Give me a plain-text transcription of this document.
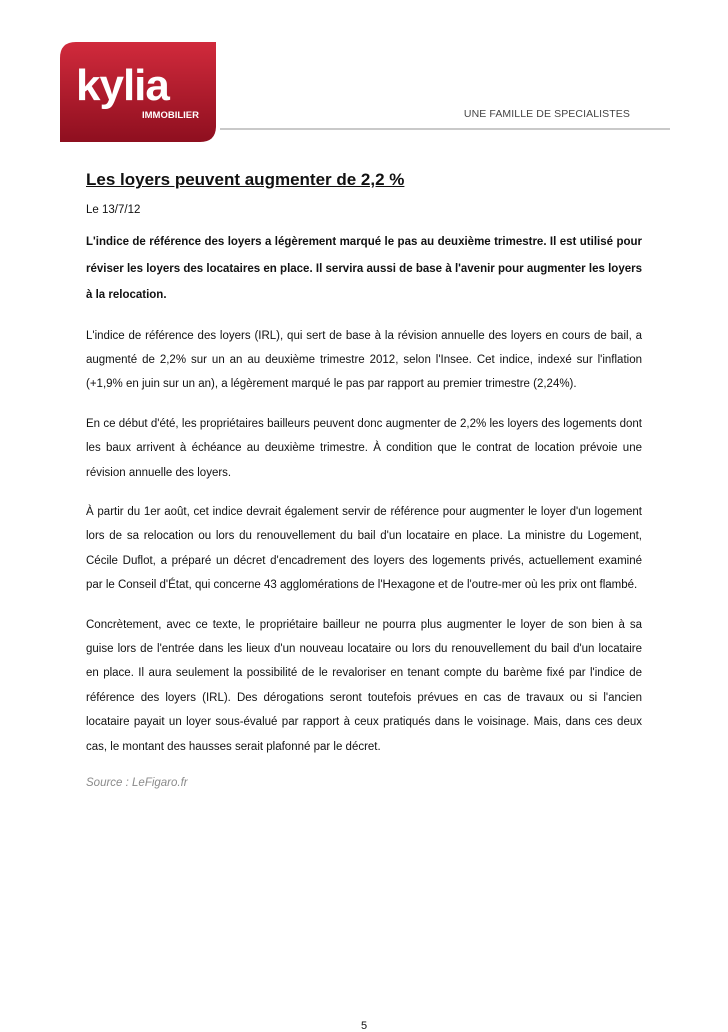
kylia
IMMOBILIER	UNE FAMILLE DE SPECIALISTES
Les loyers peuvent augmenter de 2,2 %
Le 13/7/12
L'indice de référence des loyers a légèrement marqué le pas au deuxième trimestre. Il est utilisé pour réviser les loyers des locataires en place. Il servira aussi de base à l'avenir pour augmenter les loyers à la relocation.
L'indice de référence des loyers (IRL), qui sert de base à la révision annuelle des loyers en cours de bail, a augmenté de 2,2% sur un an au deuxième trimestre 2012, selon l'Insee. Cet indice, indexé sur l'inflation (+1,9% en juin sur un an), a légèrement marqué le pas par rapport au premier trimestre (2,24%).
En ce début d'été, les propriétaires bailleurs peuvent donc augmenter de 2,2% les loyers des logements dont les baux arrivent à échéance au deuxième trimestre. À condition que le contrat de location prévoie une révision annuelle des loyers.
À partir du 1er août, cet indice devrait également servir de référence pour augmenter le loyer d'un logement lors de sa relocation ou lors du renouvellement du bail d'un locataire en place. La ministre du Logement, Cécile Duflot, a préparé un décret d'encadrement des loyers des logements privés, actuellement examiné par le Conseil d'État, qui concerne 43 agglomérations de l'Hexagone et de l'outre-mer où les prix ont flambé.
Concrètement, avec ce texte, le propriétaire bailleur ne pourra plus augmenter le loyer de son bien à sa guise lors de l'entrée dans les lieux d'un nouveau locataire ou lors du renouvellement du bail d'un locataire en place. Il aura seulement la possibilité de le revaloriser en tenant compte du barème fixé par l'indice de référence des loyers (IRL). Des dérogations seront toutefois prévues en cas de travaux ou si l'ancien locataire payait un loyer sous-évalué par rapport à ceux pratiqués dans le voisinage. Mais, dans ces deux cas, le montant des hausses serait plafonné par le décret.
Source : LeFigaro.fr
5
